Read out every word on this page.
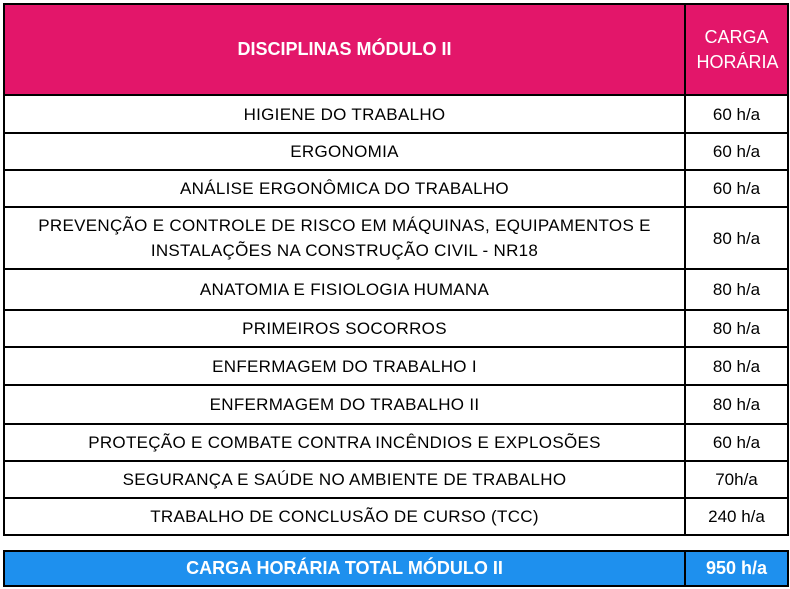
DISCIPLINAS MÓDULO II	CARGA HORÁRIA

HIGIENE DO TRABALHO	60 h/a
ERGONOMIA	60 h/a
ANÁLISE ERGONÔMICA DO TRABALHO	60 h/a

PREVENÇÃO E CONTROLE DE RISCO EM MÁQUINAS, EQUIPAMENTOS E INSTALAÇÕES NA CONSTRUÇÃO CIVIL - NR18	80 h/a
ANATOMIA E FISIOLOGIA HUMANA	80 h/a
PRIMEIROS SOCORROS	80 h/a
ENFERMAGEM DO TRABALHO I	80 h/a
ENFERMAGEM DO TRABALHO II	80 h/a
PROTEÇÃO E COMBATE CONTRA INCÊNDIOS E EXPLOSÕES	60 h/a
SEGURANÇA E SAÚDE NO AMBIENTE DE TRABALHO	70h/a
TRABALHO DE CONCLUSÃO DE CURSO (TCC)	240 h/a
CARGA HORÁRIA TOTAL MÓDULO II	950 h/a
